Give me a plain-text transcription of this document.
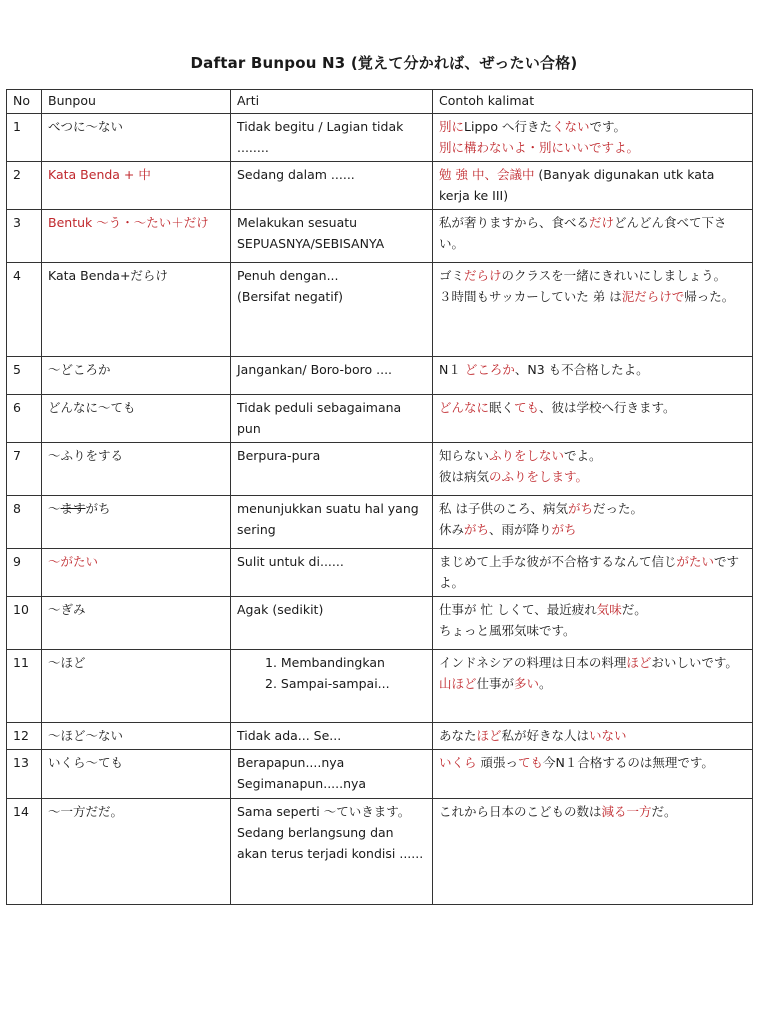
Daftar Bunpou N3 (覚えて分かれば、ぜったい合格)
No	Bunpou	Arti	Contoh kalimat
1	べつに～ない	Tidak begitu / Lagian tidak ........	別にLippo へ行きたくないです。
別に構わないよ・別にいいですよ。

2	Kata Benda + 中	Sedang dalam ......	勉 強 中、会議中 (Banyak digunakan utk kata kerja ke III)

3	Bentuk ～う・～たい＋だけ	Melakukan sesuatu SEPUASNYA/SEBISANYA	私が奢りますから、食べるだけどんどん食べて下さい。

4	Kata Benda+だらけ	Penuh dengan...
(Bersifat negatif)	ゴミだらけのクラスを一緒にきれいにしましょう。
３時間もサッカーしていた 弟 は泥だらけで帰った。

5	～どころか	Jangankan/ Boro-boro ....	N１ どころか、N3 も不合格したよ。

6	どんなに～ても	Tidak peduli sebagaimana pun	どんなに眠くても、彼は学校へ行きます。

7	～ふりをする	Berpura-pura	知らないふりをしないでよ。
彼は病気のふりをします。

8	～ますがち	menunjukkan suatu hal yang sering	私 は子供のころ、病気がちだった。
休みがち、雨が降りがち

9	～がたい	Sulit untuk di......	まじめて上手な彼が不合格するなんて信じがたいですよ。

10	～ぎみ	Agak (sedikit)	仕事が 忙 しくて、最近疲れ気味だ。
ちょっと風邪気味です。

11	～ほど	1. Membandingkan
2. Sampai-sampai...	インドネシアの料理は日本の料理ほどおいしいです。
山ほど仕事が多い。

12	～ほど～ない	Tidak ada... Se...	あなたほど私が好きな人はいない

13	いくら～ても	Berapapun....nya
Segimanapun.....nya	いくら 頑張っても今N１合格するのは無理です。

14	～一方だだ。	Sama seperti ～ていきます。
Sedang berlangsung dan akan terus terjadi kondisi ......	これから日本のこどもの数は減る一方だ。
